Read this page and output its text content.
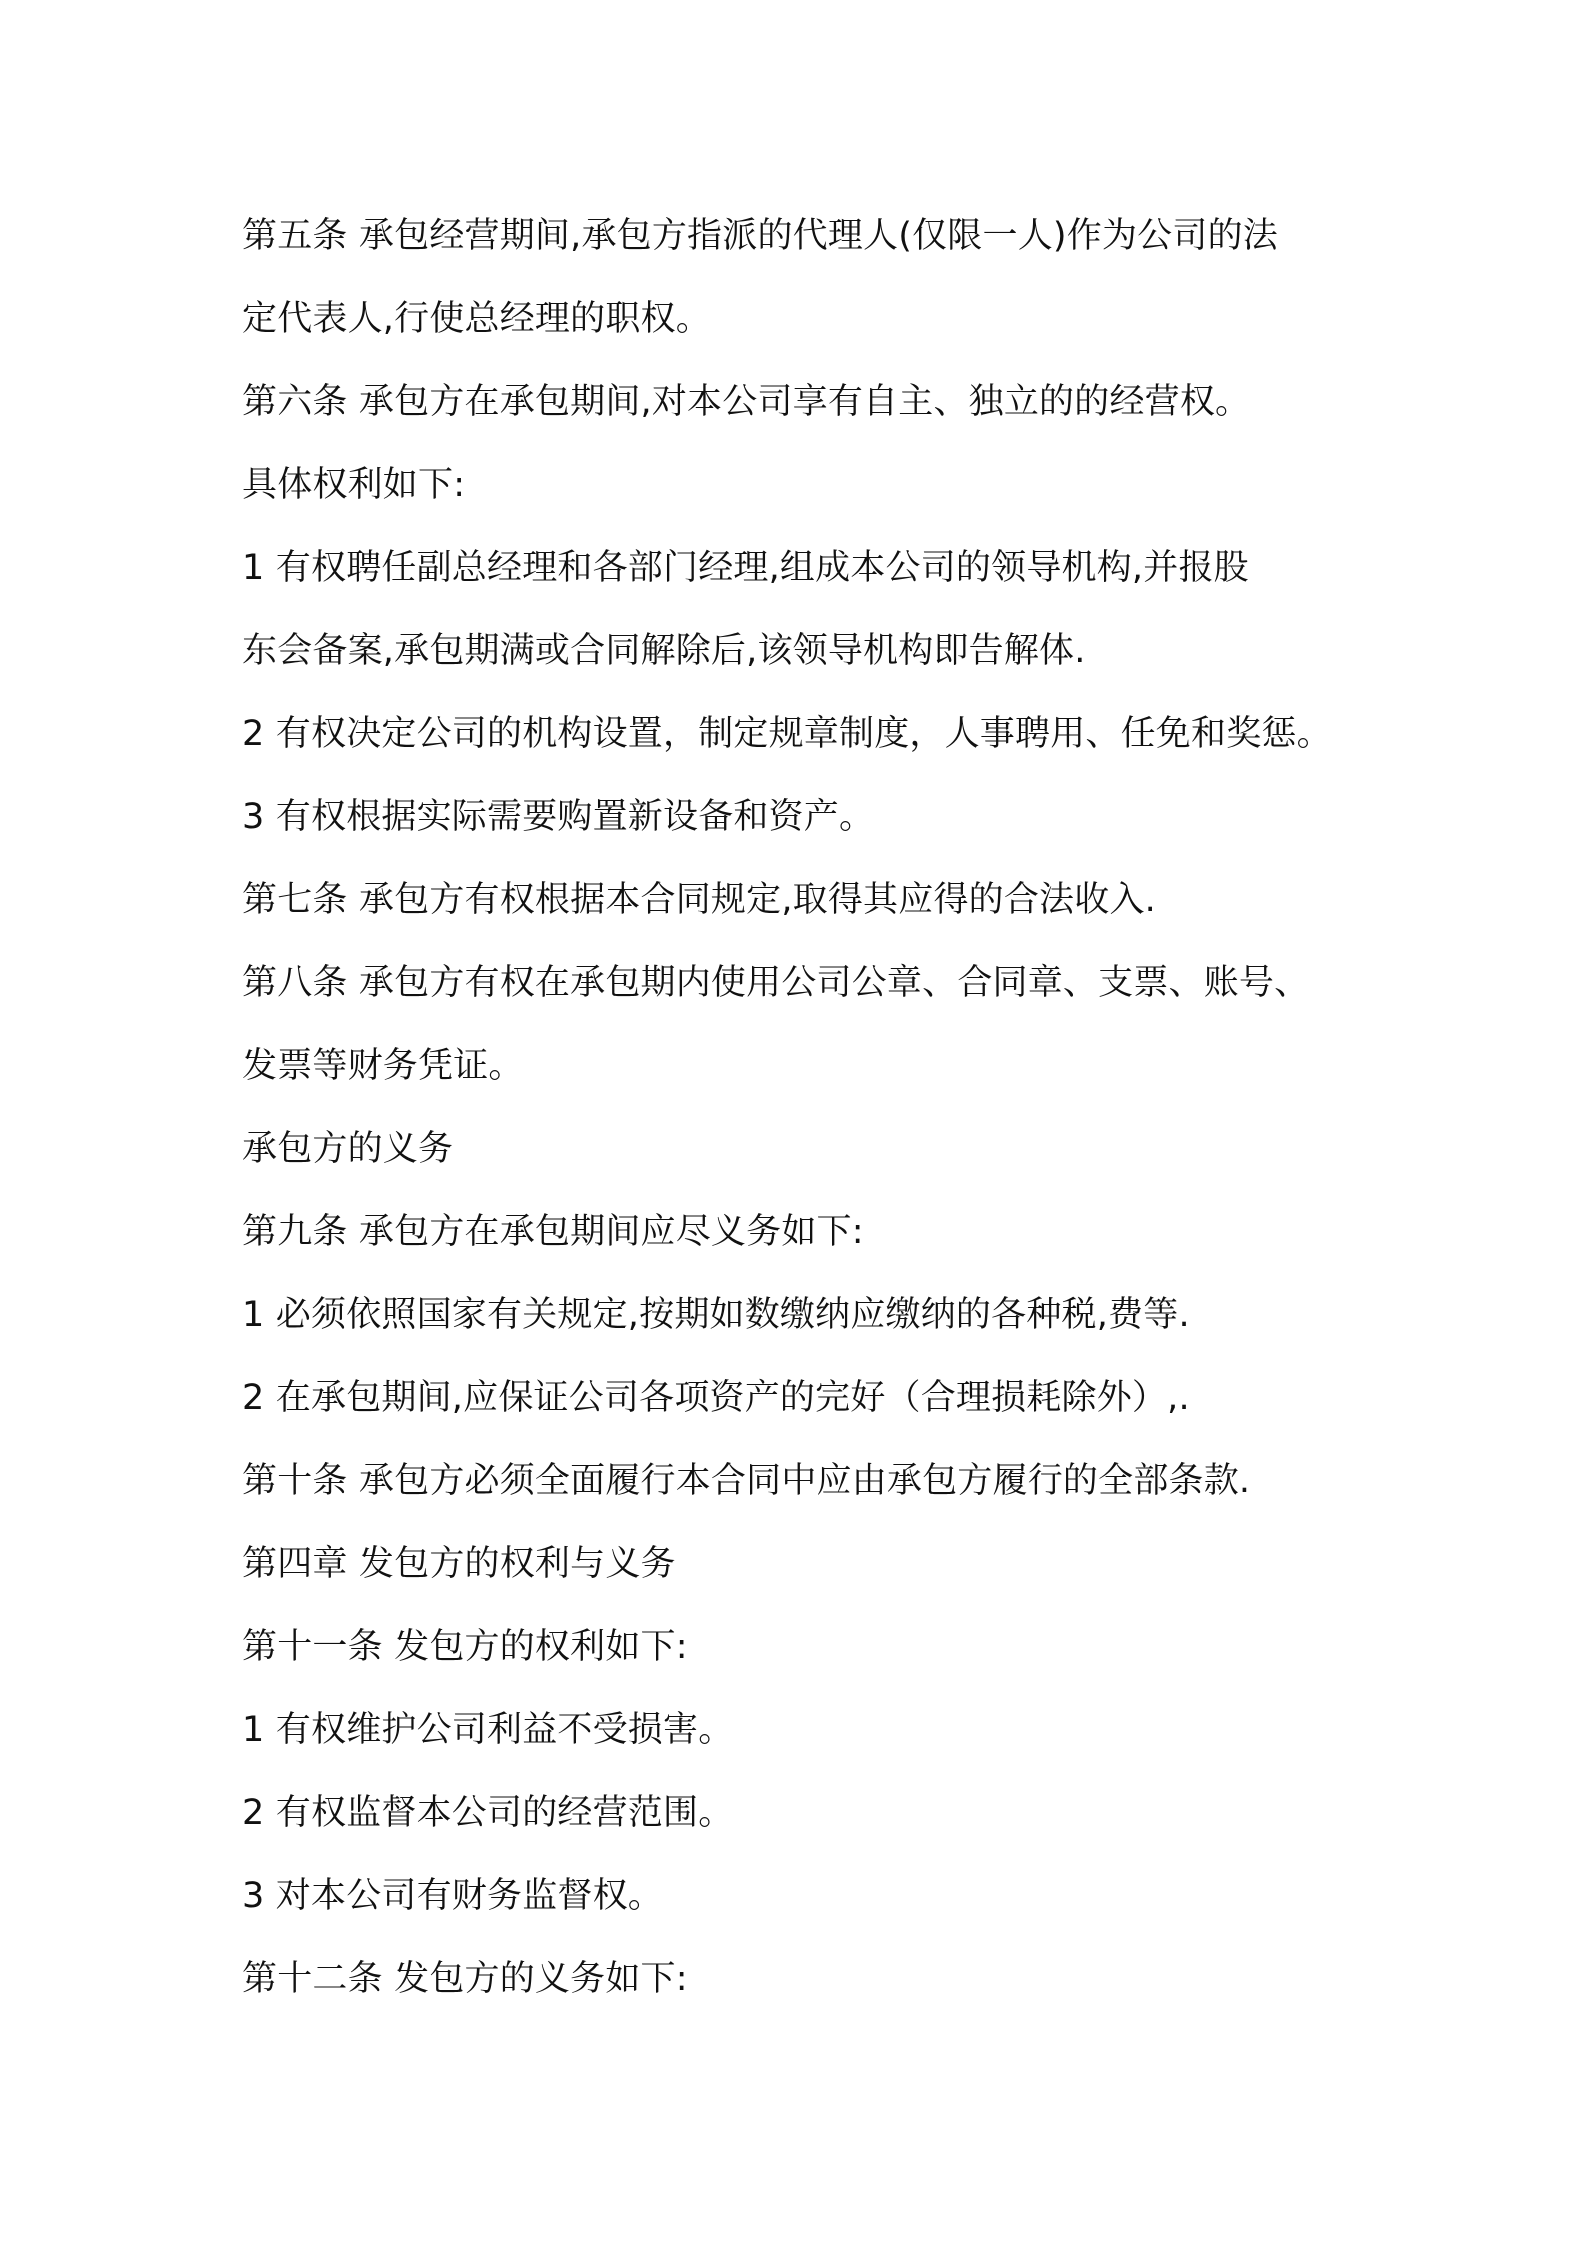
第五条 承包经营期间,承包方指派的代理人(仅限一人)作为公司的法
定代表人,行使总经理的职权。
第六条 承包方在承包期间,对本公司享有自主、独立的的经营权。
具体权利如下:
1 有权聘任副总经理和各部门经理,组成本公司的领导机构,并报股
东会备案,承包期满或合同解除后,该领导机构即告解体.
2 有权决定公司的机构设置，制定规章制度，人事聘用、任免和奖惩。
3 有权根据实际需要购置新设备和资产。
第七条 承包方有权根据本合同规定,取得其应得的合法收入.
第八条 承包方有权在承包期内使用公司公章、合同章、支票、账号、
发票等财务凭证。
承包方的义务
第九条 承包方在承包期间应尽义务如下:
1 必须依照国家有关规定,按期如数缴纳应缴纳的各种税,费等.
2 在承包期间,应保证公司各项资产的完好（合理损耗除外）,.
第十条 承包方必须全面履行本合同中应由承包方履行的全部条款.
第四章 发包方的权利与义务
第十一条 发包方的权利如下:
1 有权维护公司利益不受损害。
2 有权监督本公司的经营范围。
3 对本公司有财务监督权。
第十二条 发包方的义务如下:
